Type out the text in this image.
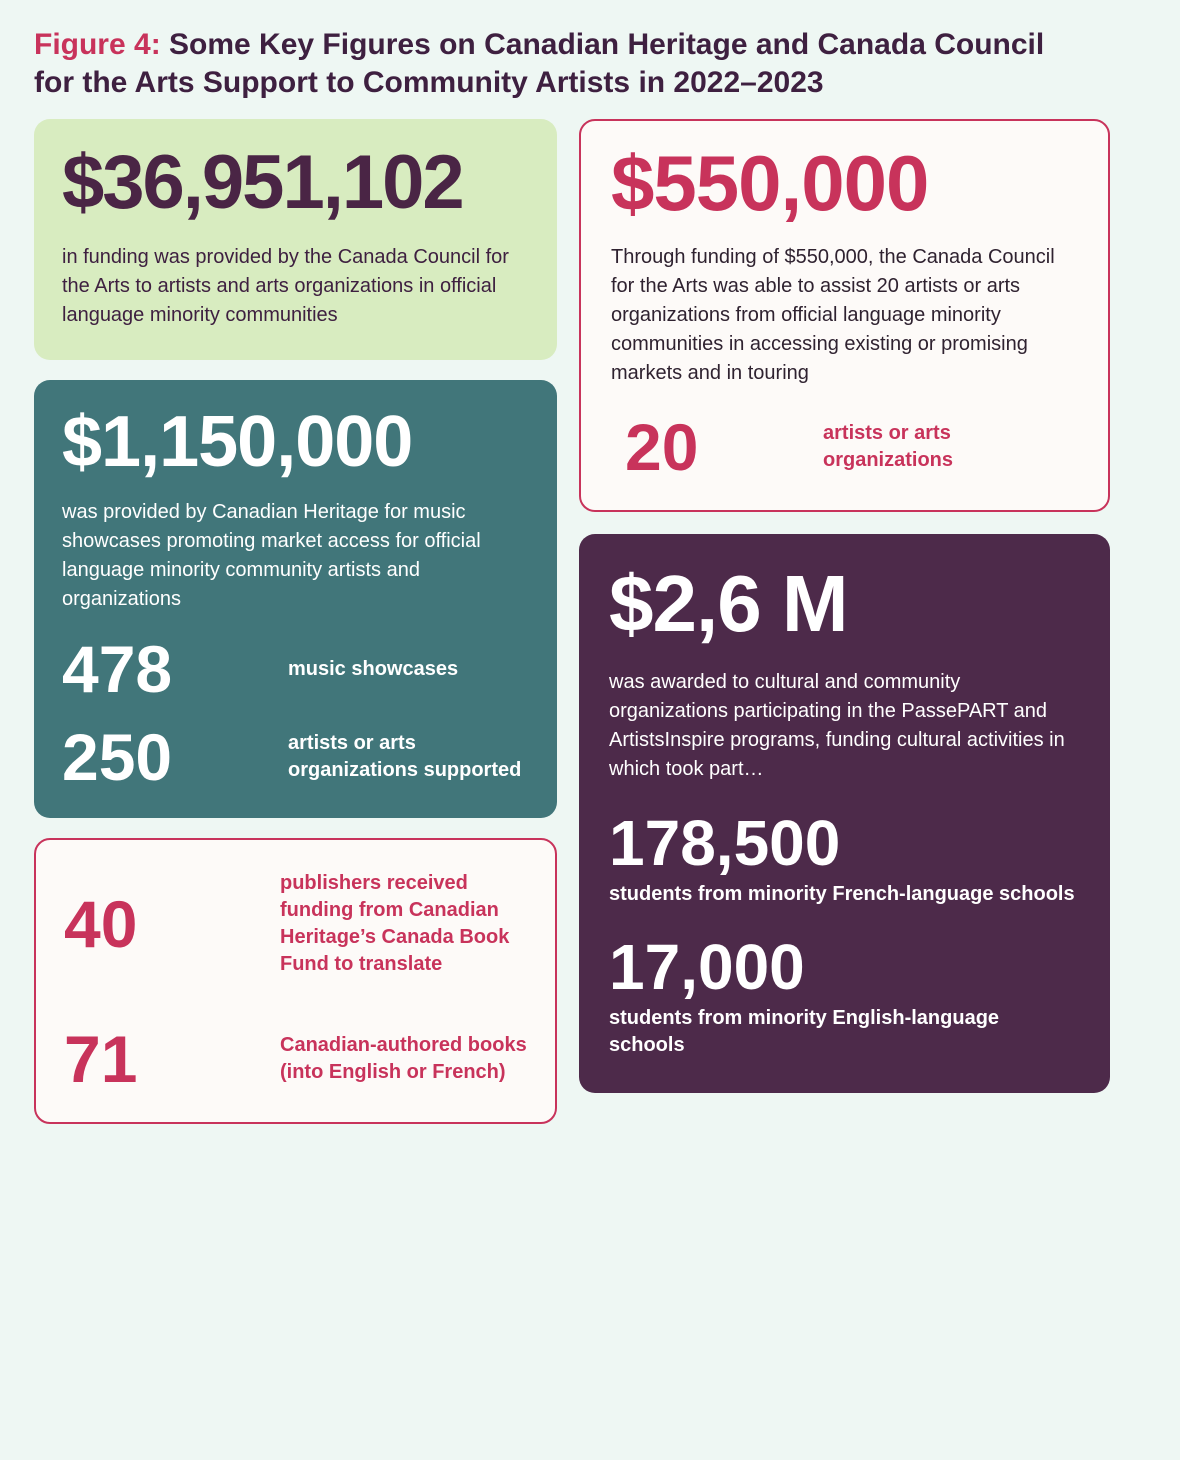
Figure 4: Some Key Figures on Canadian Heritage and Canada Council for the Arts Support to Community Artists in 2022–2023
$36,951,102
in funding was provided by the Canada Council for the Arts to artists and arts organizations in official language minority communities
$1,150,000
was provided by Canadian Heritage for music showcases promoting market access for official language minority community artists and organizations
478	music showcases
250	artists or arts organizations supported
40
publishers received funding from Canadian Heritage’s Canada Book Fund to translate
71	Canadian-authored books (into English or French)
$550,000
Through funding of $550,000, the Canada Council for the Arts was able to assist 20 artists or arts organizations from official language minority communities in accessing existing or promising markets and in touring
20	artists or arts organizations
$2,6 M
was awarded to cultural and community organizations participating in the PassePART and ArtistsInspire programs, funding cultural activities in which took part…
178,500
students from minority French-language schools
17,000
students from minority English-language schools
